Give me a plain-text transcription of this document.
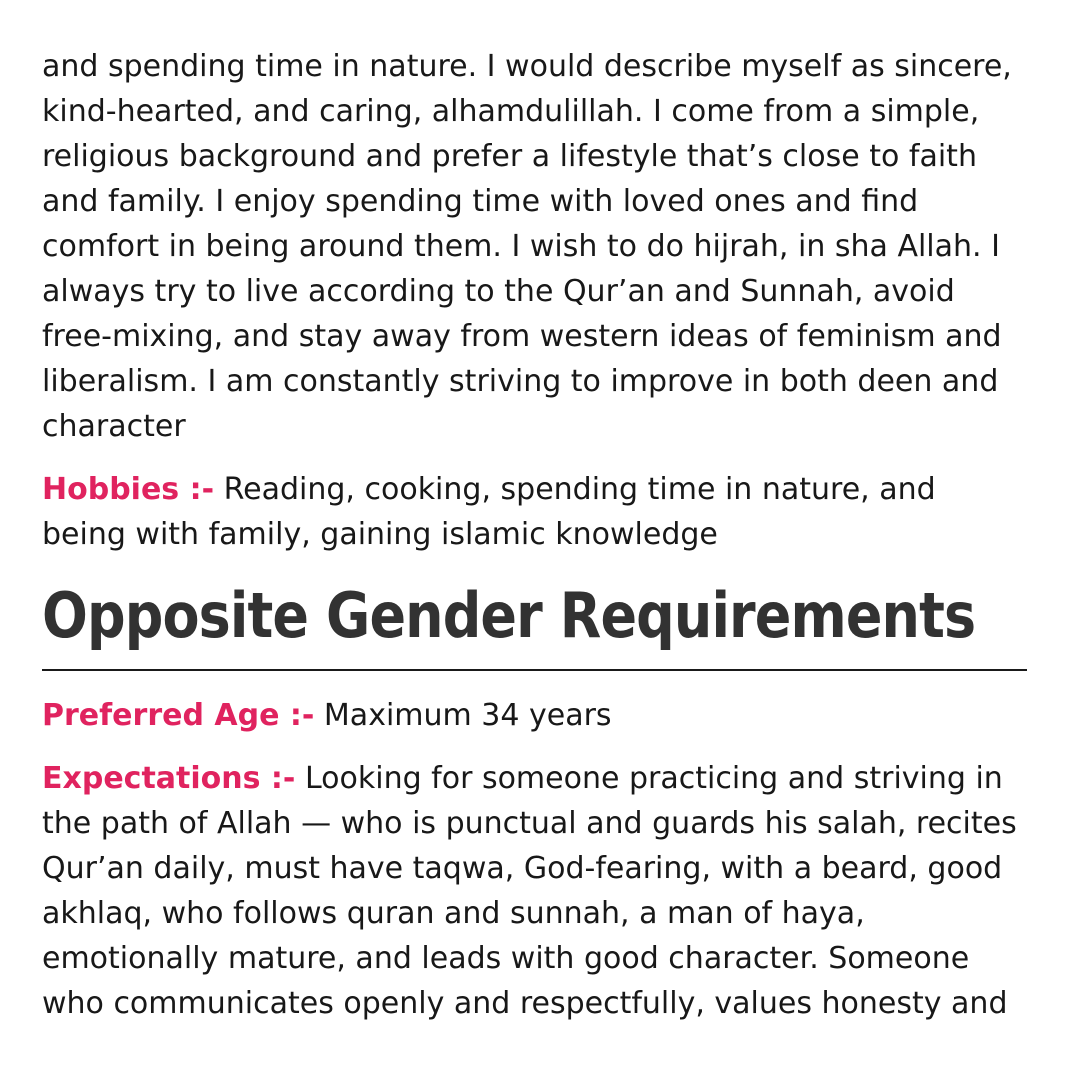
and spending time in nature. I would describe myself as sincere, kind-hearted, and caring, alhamdulillah. I come from a simple, religious background and prefer a lifestyle that’s close to faith and family. I enjoy spending time with loved ones and find comfort in being around them. I wish to do hijrah, in sha Allah. I always try to live according to the Qur’an and Sunnah, avoid free-mixing, and stay away from western ideas of feminism and liberalism. I am constantly striving to improve in both deen and character

Hobbies :- Reading, cooking, spending time in nature, and being with family, gaining islamic knowledge

Opposite Gender Requirements

Preferred Age :- Maximum 34 years

Expectations :- Looking for someone practicing and striving in the path of Allah — who is punctual and guards his salah, recites Qur’an daily, must have taqwa, God-fearing, with a beard, good akhlaq, who follows quran and sunnah, a man of haya, emotionally mature, and leads with good character. Someone who communicates openly and respectfully, values honesty and
